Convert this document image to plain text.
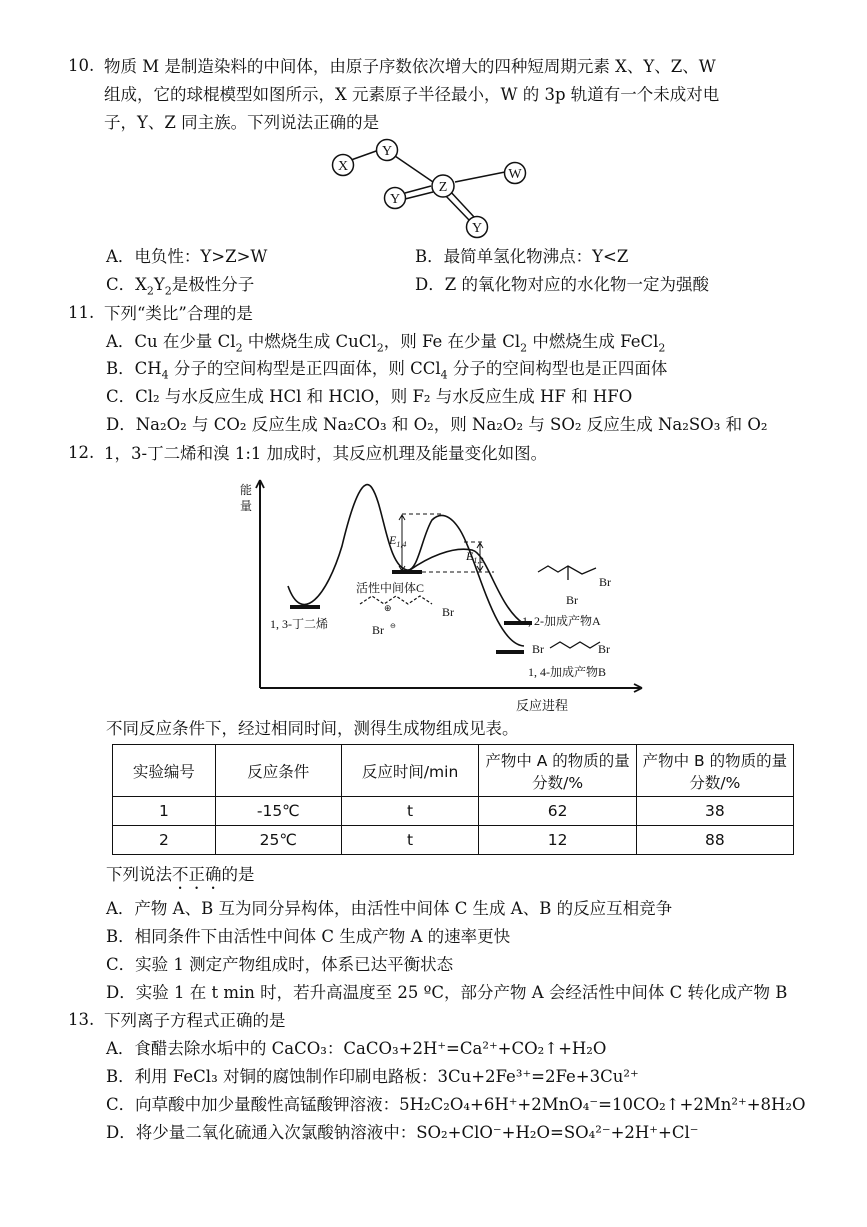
10. 物质 M 是制造染料的中间体，由原子序数依次增大的四种短周期元素 X、Y、Z、W
组成，它的球棍模型如图所示，X 元素原子半径最小，W 的 3p 轨道有一个未成对电
子，Y、Z 同主族。下列说法正确的是
X
Y
Z
W
Y
Y
A．电负性：Y>Z>W	B．最简单氢化物沸点：Y<Z
C．$X_2Y_2$是极性分子	D．Z 的氧化物对应的水化物一定为强酸
11. 下列“类比”合理的是
A．Cu 在少量 $Cl_2$ 中燃烧生成 CuCl$_2$，则 Fe 在少量 $Cl_2$ 中燃烧生成 FeCl$_2$
B．$CH_4$ 分子的空间构型是正四面体，则 CCl$_4$ 分子的空间构型也是正四面体
C．Cl₂ 与水反应生成 HCl 和 HClO，则 F₂ 与水反应生成 HF 和 HFO
D．Na₂O₂ 与 CO₂ 反应生成 Na₂CO₃ 和 O₂，则 Na₂O₂ 与 SO₂ 反应生成 Na₂SO₃ 和 O₂
12. 1，3-丁二烯和溴 1:1 加成时，其反应机理及能量变化如图。
能
量
反应进程
1, 3-丁二烯
活性中间体C
$E_{1,4}$
$E_{1,2}$
1, 2-加成产物A
1, 4-加成产物B
Br ⊖
⊕	Br
Br
Br
Br	Br
不同反应条件下，经过相同时间，测得生成物组成见表。
实验编号	反应条件	反应时间/min	产物中 A 的物质的量分数/%	产物中 B 的物质的量分数/%
1	-15℃	t	62	38
2	25℃	t	12	88
下列说法不正确的是
A．产物 A、B 互为同分异构体，由活性中间体 C 生成 A、B 的反应互相竞争
B．相同条件下由活性中间体 C 生成产物 A 的速率更快
C．实验 1 测定产物组成时，体系已达平衡状态
D．实验 1 在 t min 时，若升高温度至 25 ºC，部分产物 A 会经活性中间体 C 转化成产物 B
13. 下列离子方程式正确的是
A．食醋去除水垢中的 CaCO₃：CaCO₃+2H⁺=Ca²⁺+CO₂↑+H₂O
B．利用 FeCl₃ 对铜的腐蚀制作印刷电路板：3Cu+2Fe³⁺=2Fe+3Cu²⁺
C．向草酸中加少量酸性高锰酸钾溶液：5H₂C₂O₄+6H⁺+2MnO₄⁻=10CO₂↑+2Mn²⁺+8H₂O
D．将少量二氧化硫通入次氯酸钠溶液中：SO₂+ClO⁻+H₂O=SO₄²⁻+2H⁺+Cl⁻
